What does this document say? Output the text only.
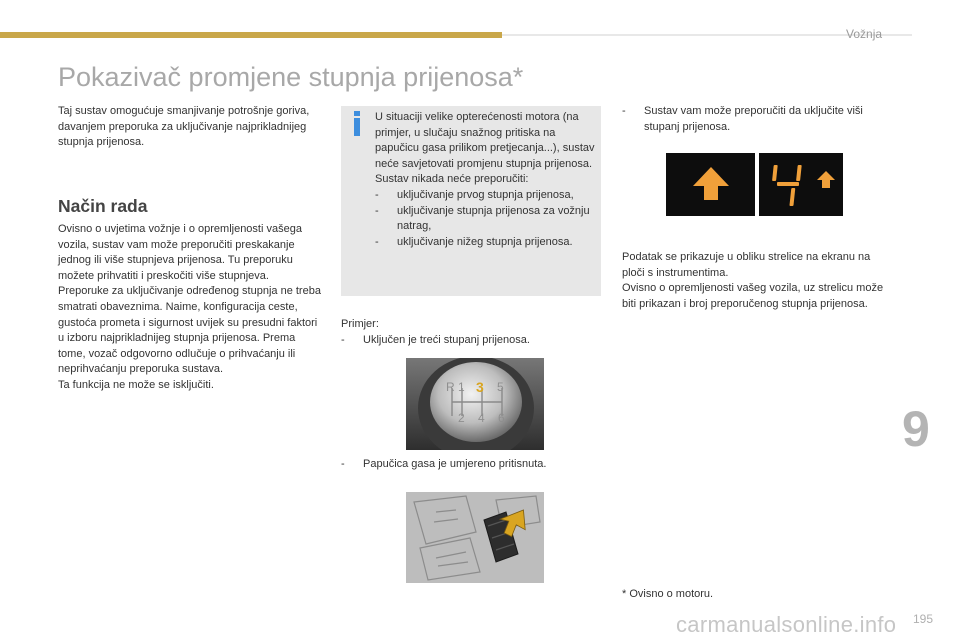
Vožnja
Pokazivač promjene stupnja prijenosa*
Taj sustav omogućuje smanjivanje potrošnje goriva, davanjem preporuka za uključivanje najprikladnijeg stupnja prijenosa.
Način rada
Ovisno o uvjetima vožnje i o opremljenosti vašega vozila, sustav vam može preporučiti preskakanje jednog ili više stupnjeva prijenosa. Tu preporuku možete prihvatiti i preskočiti više stupnjeva.
Preporuke za uključivanje određenog stupnja ne treba smatrati obaveznima. Naime, konfiguracija ceste, gustoća prometa i sigurnost uvijek su presudni faktori u izboru najprikladnijeg stupnja prijenosa. Prema tome, vozač odgovorno odlučuje o prihvaćanju ili neprihvaćanju preporuka sustava.
Ta funkcija ne može se isključiti.
U situaciji velike opterećenosti motora (na primjer, u slučaju snažnog pritiska na papučicu gasa prilikom pretjecanja...), sustav neće savjetovati promjenu stupnja prijenosa.
Sustav nikada neće preporučiti:
-	uključivanje prvog stupnja prijenosa,
-	uključivanje stupnja prijenosa za vožnju natrag,
-	uključivanje nižeg stupnja prijenosa.
Primjer:
-	Uključen je treći stupanj prijenosa.
R 1 3 5
2 4 6
-	Papučica gasa je umjereno pritisnuta.
-	Sustav vam može preporučiti da uključite viši stupanj prijenosa.
4
Podatak se prikazuje u obliku strelice na ekranu na ploči s instrumentima.
Ovisno o opremljenosti vašeg vozila, uz strelicu može biti prikazan i broj preporučenog stupnja prijenosa.
* Ovisno o motoru.
9
carmanualsonline.info 195
